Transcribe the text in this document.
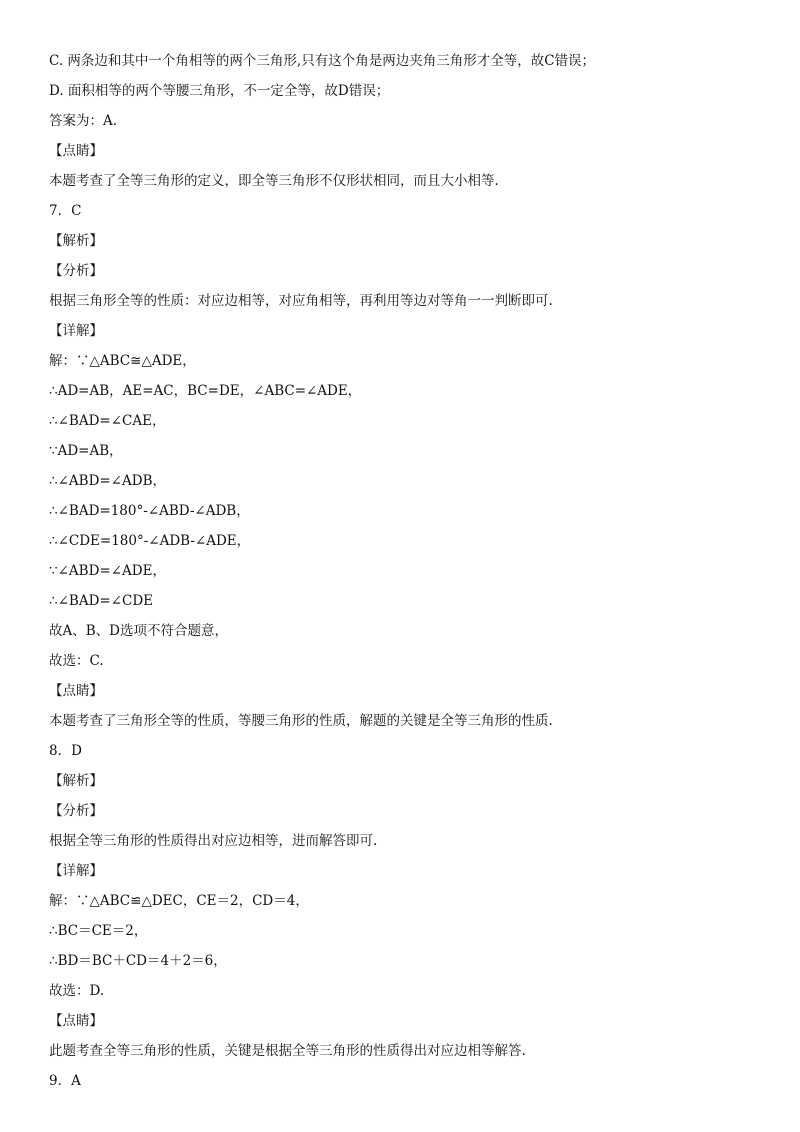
C. 两条边和其中一个角相等的两个三角形,只有这个角是两边夹角三角形才全等，故C错误；
D. 面积相等的两个等腰三角形，不一定全等，故D错误；
答案为：A.
【点睛】
本题考查了全等三角形的定义，即全等三角形不仅形状相同，而且大小相等.
7．C
【解析】
【分析】
根据三角形全等的性质：对应边相等，对应角相等，再利用等边对等角一一判断即可.
【详解】
解：∵△ABC≅△ADE，
∴AD=AB，AE=AC，BC=DE，∠ABC=∠ADE，
∴∠BAD=∠CAE，
∵AD=AB，
∴∠ABD=∠ADB，
∴∠BAD=180°-∠ABD-∠ADB，
∴∠CDE=180°-∠ADB-∠ADE，
∵∠ABD=∠ADE，
∴∠BAD=∠CDE
故A、B、D选项不符合题意，
故选：C.
【点睛】
本题考查了三角形全等的性质，等腰三角形的性质，解题的关键是全等三角形的性质.
8．D
【解析】
【分析】
根据全等三角形的性质得出对应边相等，进而解答即可.
【详解】
解：∵△ABC≌△DEC，CE＝2，CD＝4，
∴BC＝CE＝2，
∴BD＝BC＋CD＝4＋2＝6，
故选：D.
【点睛】
此题考查全等三角形的性质，关键是根据全等三角形的性质得出对应边相等解答.
9．A
